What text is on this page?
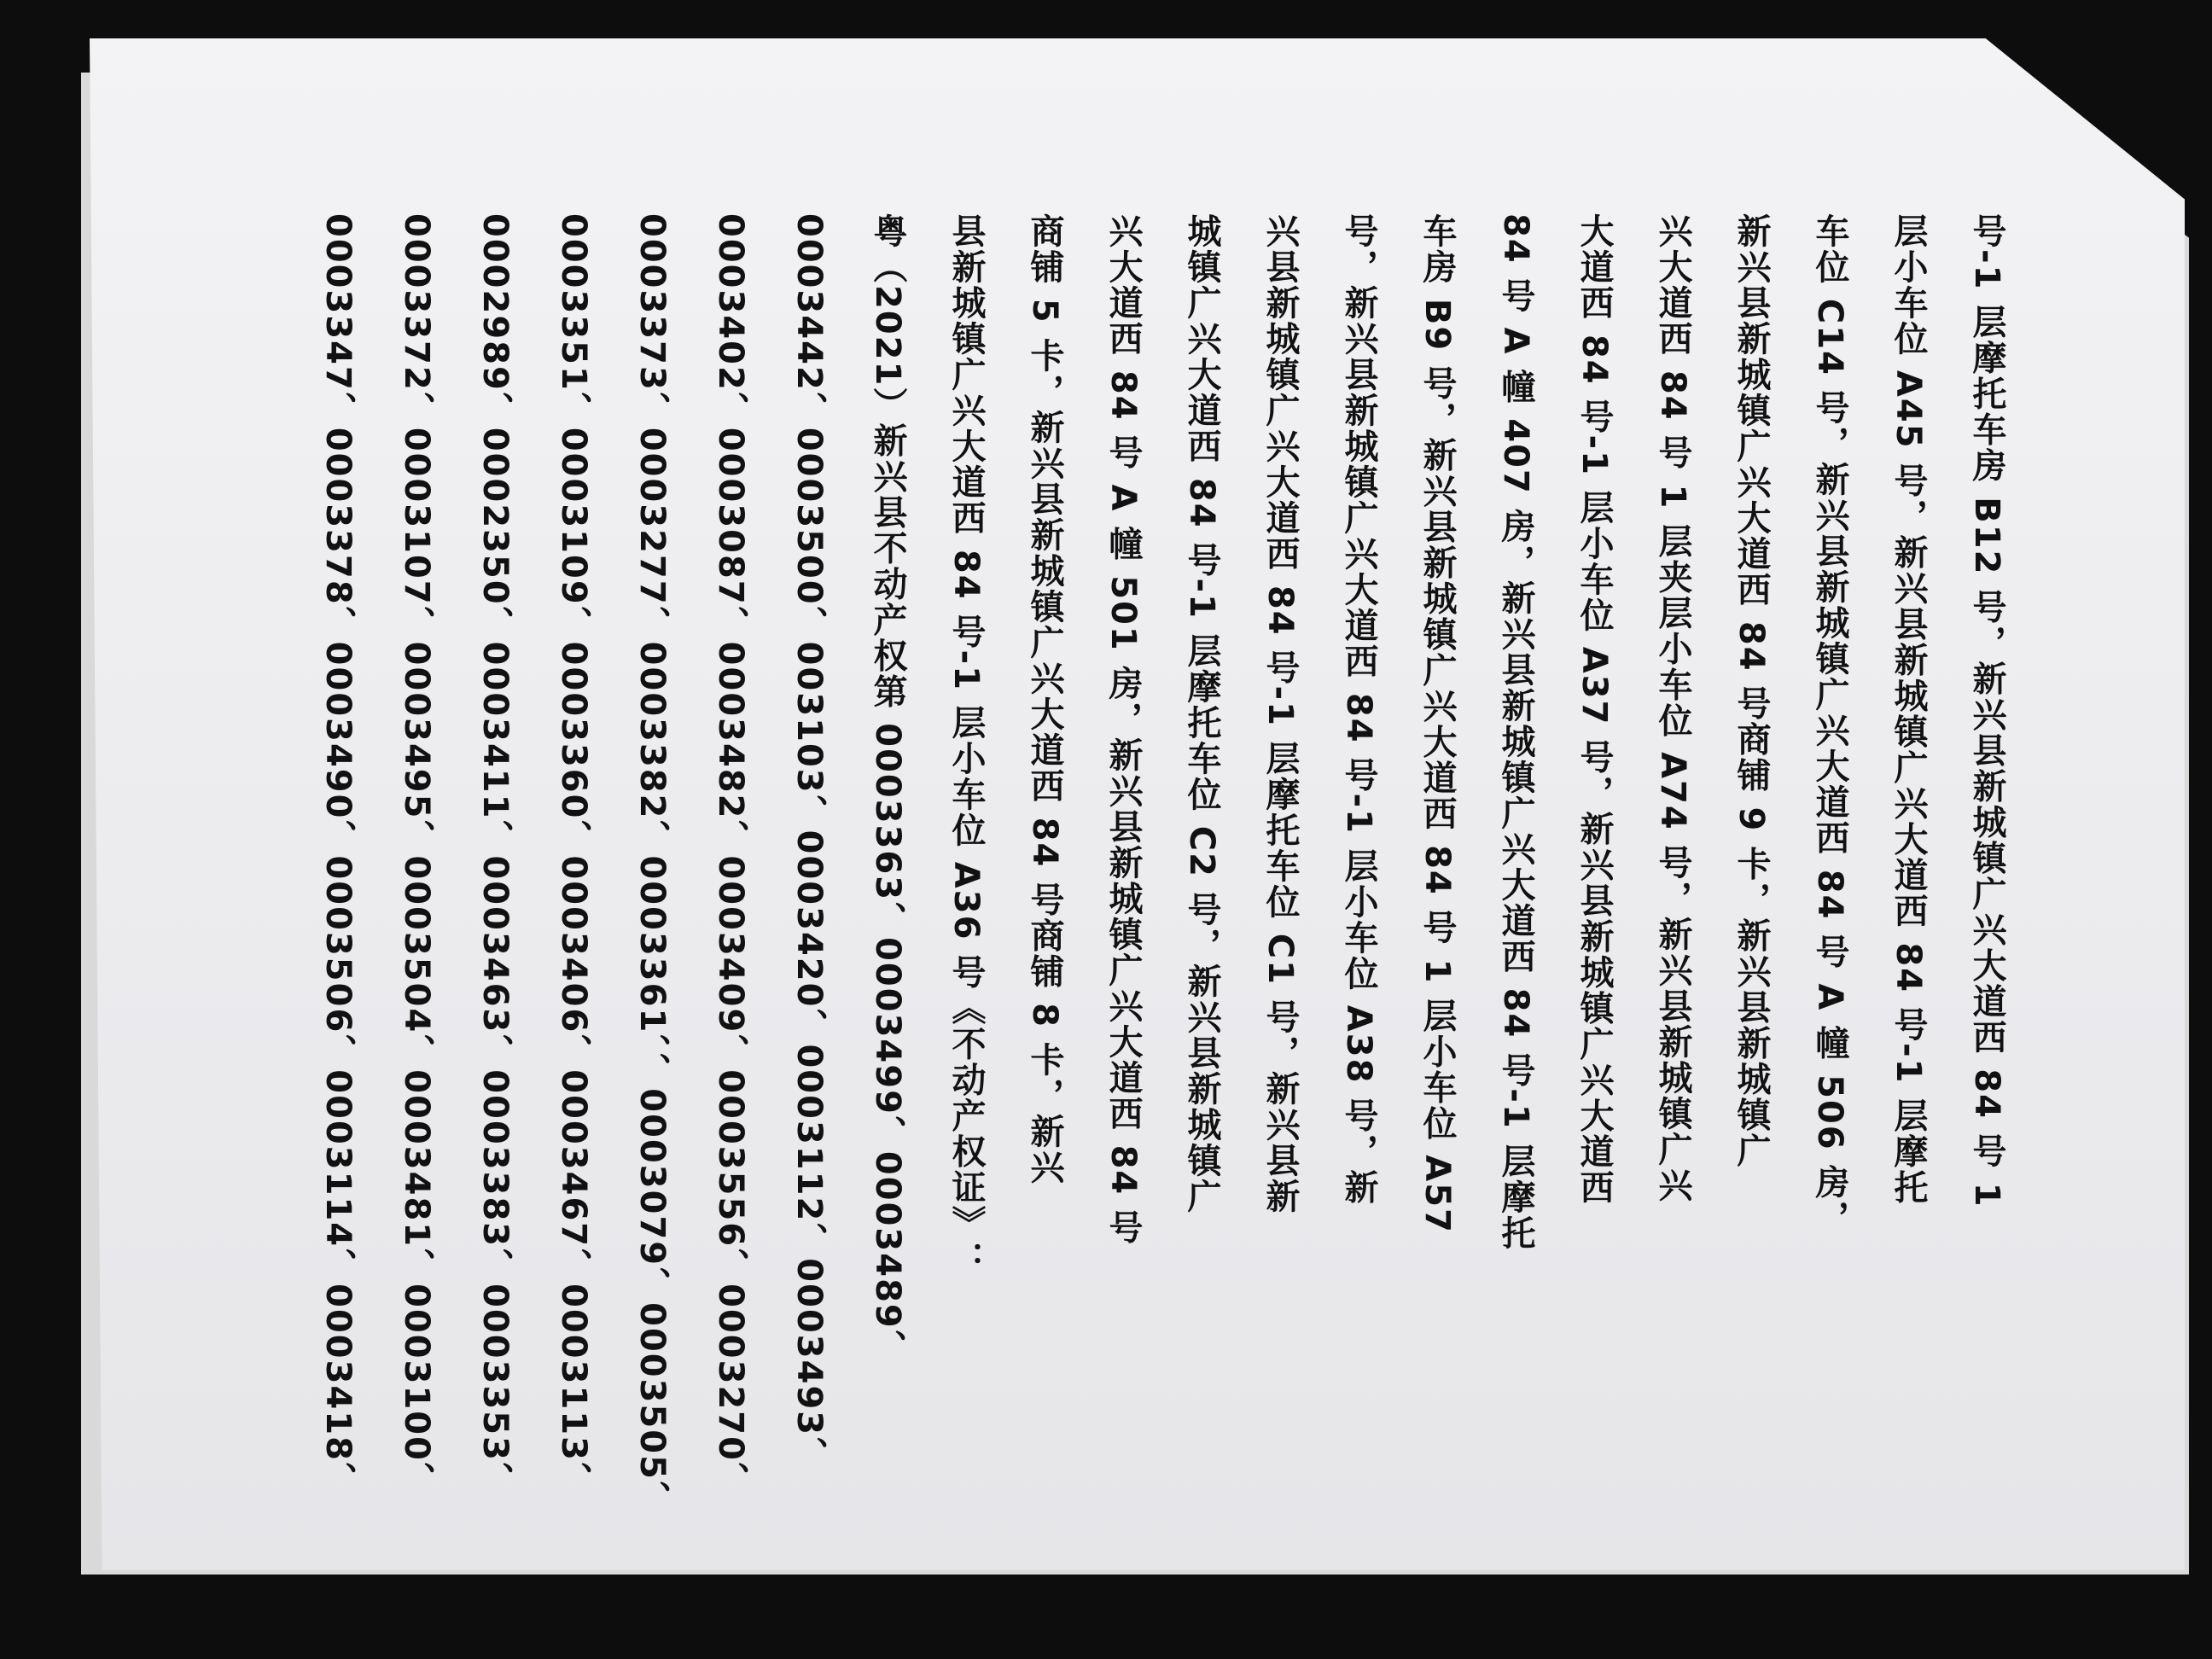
号-1 层摩托车房 B12 号，新兴县新城镇广兴大道西 84 号 1
层小车位 A45 号，新兴县新城镇广兴大道西 84 号-1 层摩托
车位 C14 号，新兴县新城镇广兴大道西 84 号 A 幢 506 房，
新兴县新城镇广兴大道西 84 号商铺 9 卡，新兴县新城镇广
兴大道西 84 号 1 层夹层小车位 A74 号，新兴县新城镇广兴
大道西 84 号-1 层小车位 A37 号，新兴县新城镇广兴大道西
84 号 A 幢 407 房，新兴县新城镇广兴大道西 84 号-1 层摩托
车房 B9 号，新兴县新城镇广兴大道西 84 号 1 层小车位 A57
号，新兴县新城镇广兴大道西 84 号-1 层小车位 A38 号，新
兴县新城镇广兴大道西 84 号-1 层摩托车位 C1 号，新兴县新
城镇广兴大道西 84 号-1 层摩托车位 C2 号，新兴县新城镇广
兴大道西 84 号 A 幢 501 房，新兴县新城镇广兴大道西 84 号
商铺 5 卡，新兴县新城镇广兴大道西 84 号商铺 8 卡，新兴
县新城镇广兴大道西 84 号-1 层小车位 A36 号《不动产权证》：
粤（2021）新兴县不动产权第 0003363、0003499、0003489、
0003442、0003500、003103、0003420、0003112、0003493、
0003402、0003087、0003482、0003409、0003556、0003270、
0003373、0003277、0003382、0003361、、0003079、0003505、
0003351、0003109、0003360、0003406、0003467、0003113、
0002989、0002350、0003411、0003463、0003383、0003353、
0003372、0003107、0003495、0003504、0003481、0003100、
0003347、0003378、0003490、0003506、0003114、0003418、
